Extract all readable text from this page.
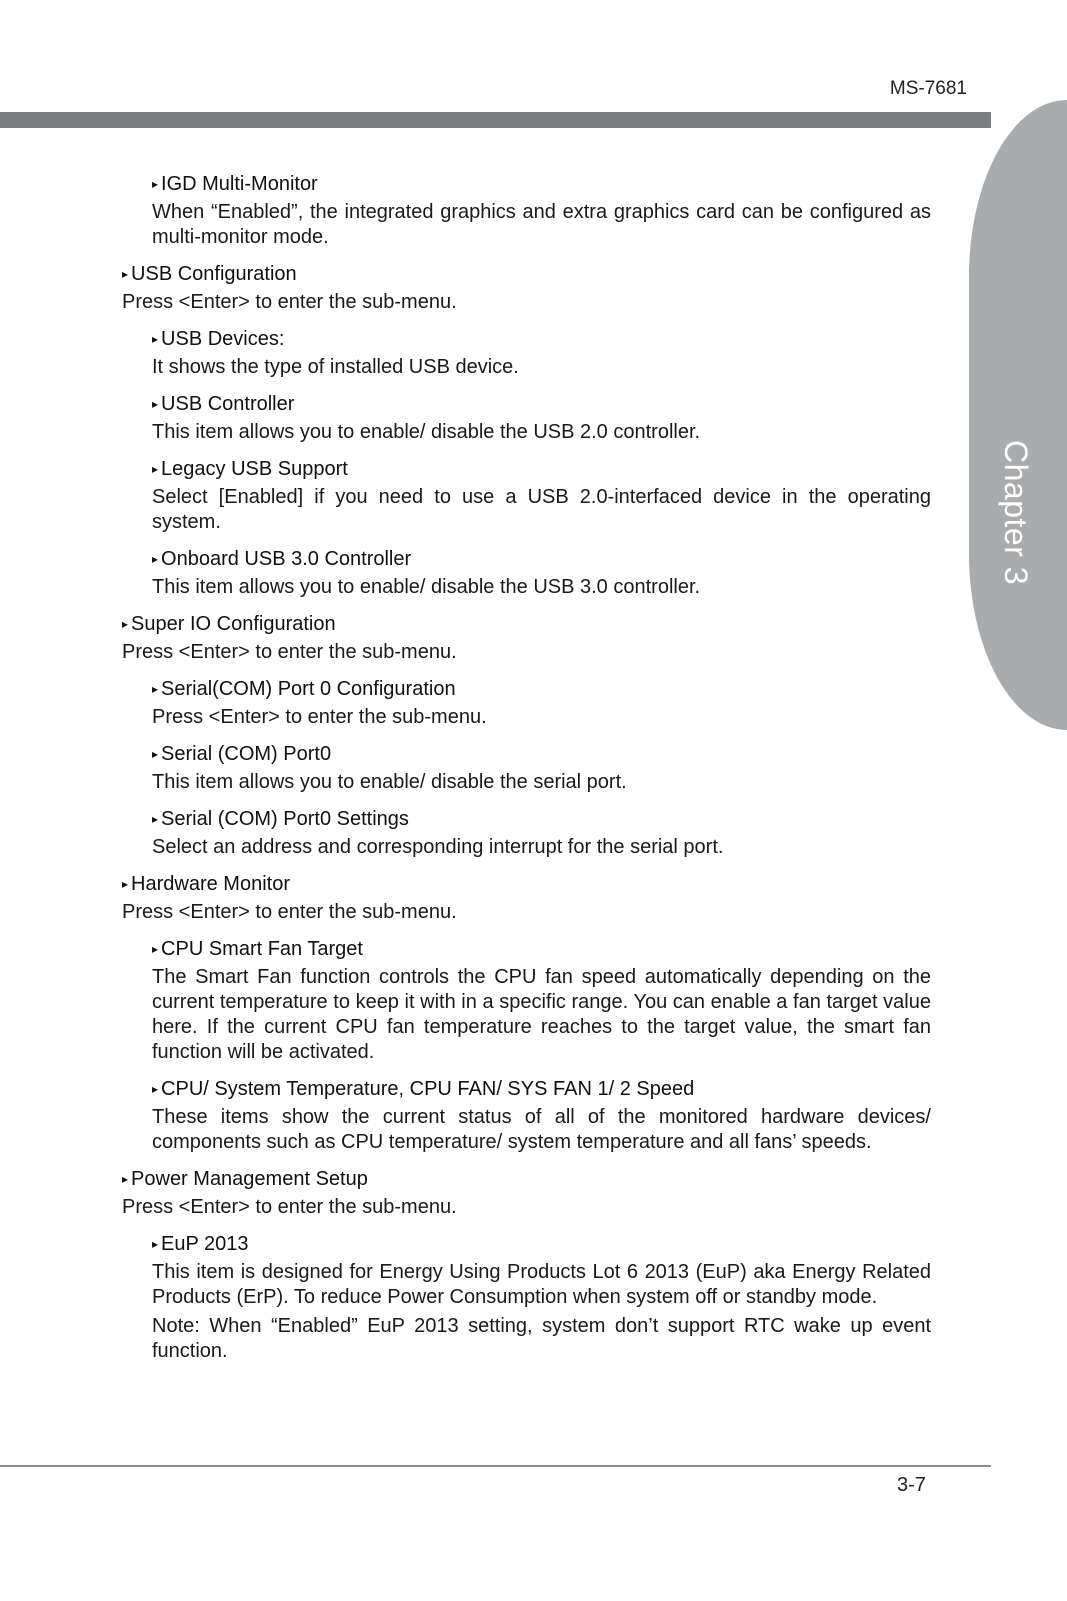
MS-7681
Chapter 3
▸ IGD Multi-Monitor

When “Enabled”, the integrated graphics and extra graphics card can be configured as multi-monitor mode.

▸ USB Configuration

Press <Enter> to enter the sub-menu.

▸ USB Devices:

It shows the type of installed USB device.

▸ USB Controller

This item allows you to enable/ disable the USB 2.0 controller.

▸ Legacy USB Support

Select [Enabled] if you need to use a USB 2.0-interfaced device in the operating system.

▸ Onboard USB 3.0 Controller

This item allows you to enable/ disable the USB 3.0 controller.

▸ Super IO Configuration

Press <Enter> to enter the sub-menu.

▸ Serial(COM) Port 0 Configuration

Press <Enter> to enter the sub-menu.

▸ Serial (COM) Port0

This item allows you to enable/ disable the serial port.

▸ Serial (COM) Port0 Settings

Select an address and corresponding interrupt for the serial port.

▸ Hardware Monitor

Press <Enter> to enter the sub-menu.

▸ CPU Smart Fan Target

The Smart Fan function controls the CPU fan speed automatically depending on the current temperature to keep it with in a specific range. You can enable a fan target value here. If the current CPU fan temperature reaches to the target value, the smart fan function will be activated.

▸ CPU/ System Temperature, CPU FAN/ SYS FAN 1/ 2 Speed

These items show the current status of all of the monitored hardware devices/ components such as CPU temperature/ system temperature and all fans’ speeds.

▸ Power Management Setup

Press <Enter> to enter the sub-menu.

▸ EuP 2013

This item is designed for Energy Using Products Lot 6 2013 (EuP) aka Energy Related Products (ErP). To reduce Power Consumption when system off or standby mode.

Note: When “Enabled” EuP 2013 setting, system don’t support RTC wake up event function.

3-7
